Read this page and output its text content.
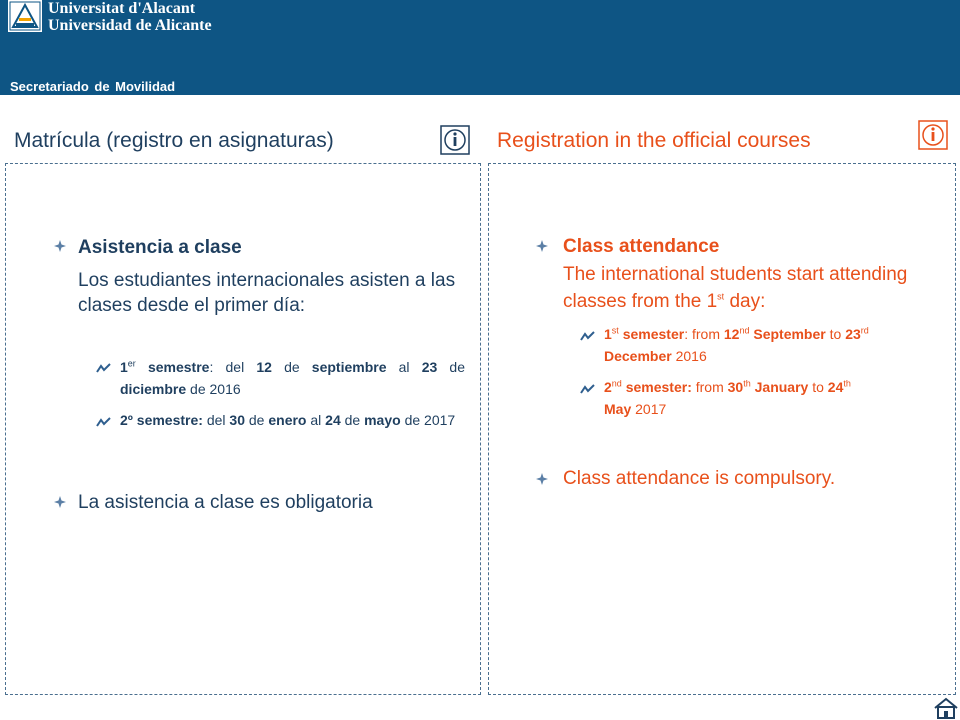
Universitat d'Alacant
Universidad de Alicante
Secretariado de Movilidad
Matrícula (registro en asignaturas)	Registration in the official courses
Asistencia a clase
Los estudiantes internacionales asisten a las clases desde el primer día:
1er semestre: del 12 de septiembre al 23 de diciembre de 2016
2º semestre: del 30 de enero al 24 de mayo de 2017
La asistencia a clase es obligatoria
Class attendance
The international students start attending classes from the 1st day:
1st semester: from 12nd September to 23rd
December 2016
2nd semester: from 30th January to 24th
May 2017
Class attendance is compulsory.
